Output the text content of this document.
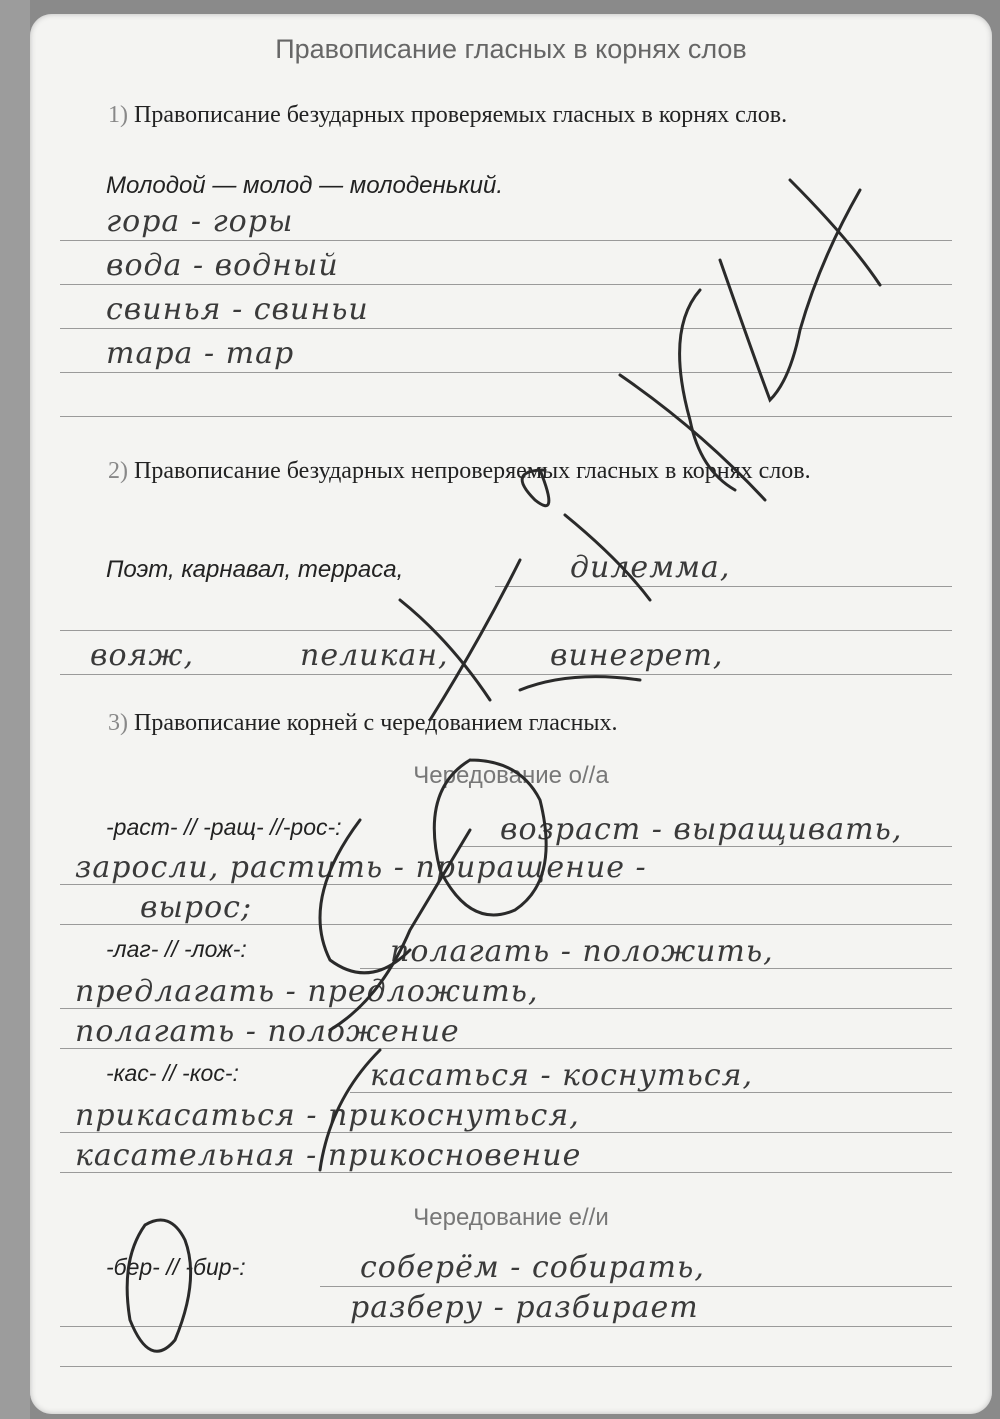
Правописание гласных в корнях слов
1) Правописание безударных проверяемых гласных в корнях слов.
Молодой — молод — молоденький.
гора - горы
вода - водный
свинья - свиньи
тара - тар
2) Правописание безударных непроверяемых гласных в корнях слов.
Поэт, карнавал, терраса,	дилемма,
вояж,	пеликан,	винегрет,
3) Правописание корней с чередованием гласных.
Чередование о//а
-раст- // -ращ- //-рос-:	возраст - выращивать,
заросли, растить - приращение -
вырос;
-лаг- // -лож-:	полагать - положить,
предлагать - предложить,
полагать - положение
-кас- // -кос-:	касаться - коснуться,
прикасаться - прикоснуться,
касательная - прикосновение
Чередование е//и
-бер- // -бир-:	соберём - собирать,
разберу - разбирает
